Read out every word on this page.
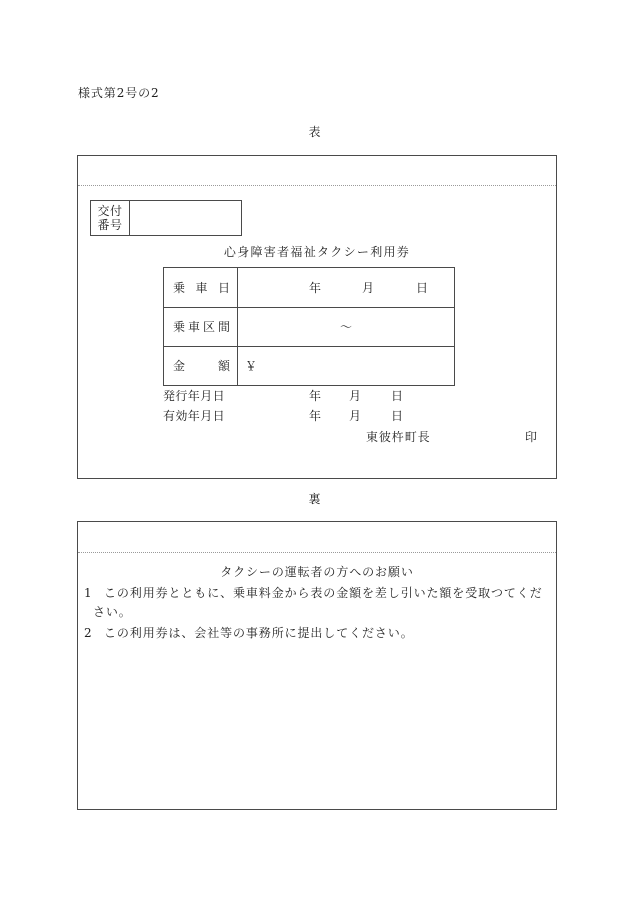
様式第2号の2
表
交付
番号
心身障害者福祉タクシー利用券
乗 車 日	年 月 日

乗 車 区 間	～

金 額	￥
発行年月日	年 月 日
有効年月日	年 月 日
東彼杵町長	印
裏
タクシーの運転者の方へのお願い
1 この利用券とともに、乗車料金から表の金額を差し引いた額を受取つてくだ
さい。
2 この利用券は、会社等の事務所に提出してください。
